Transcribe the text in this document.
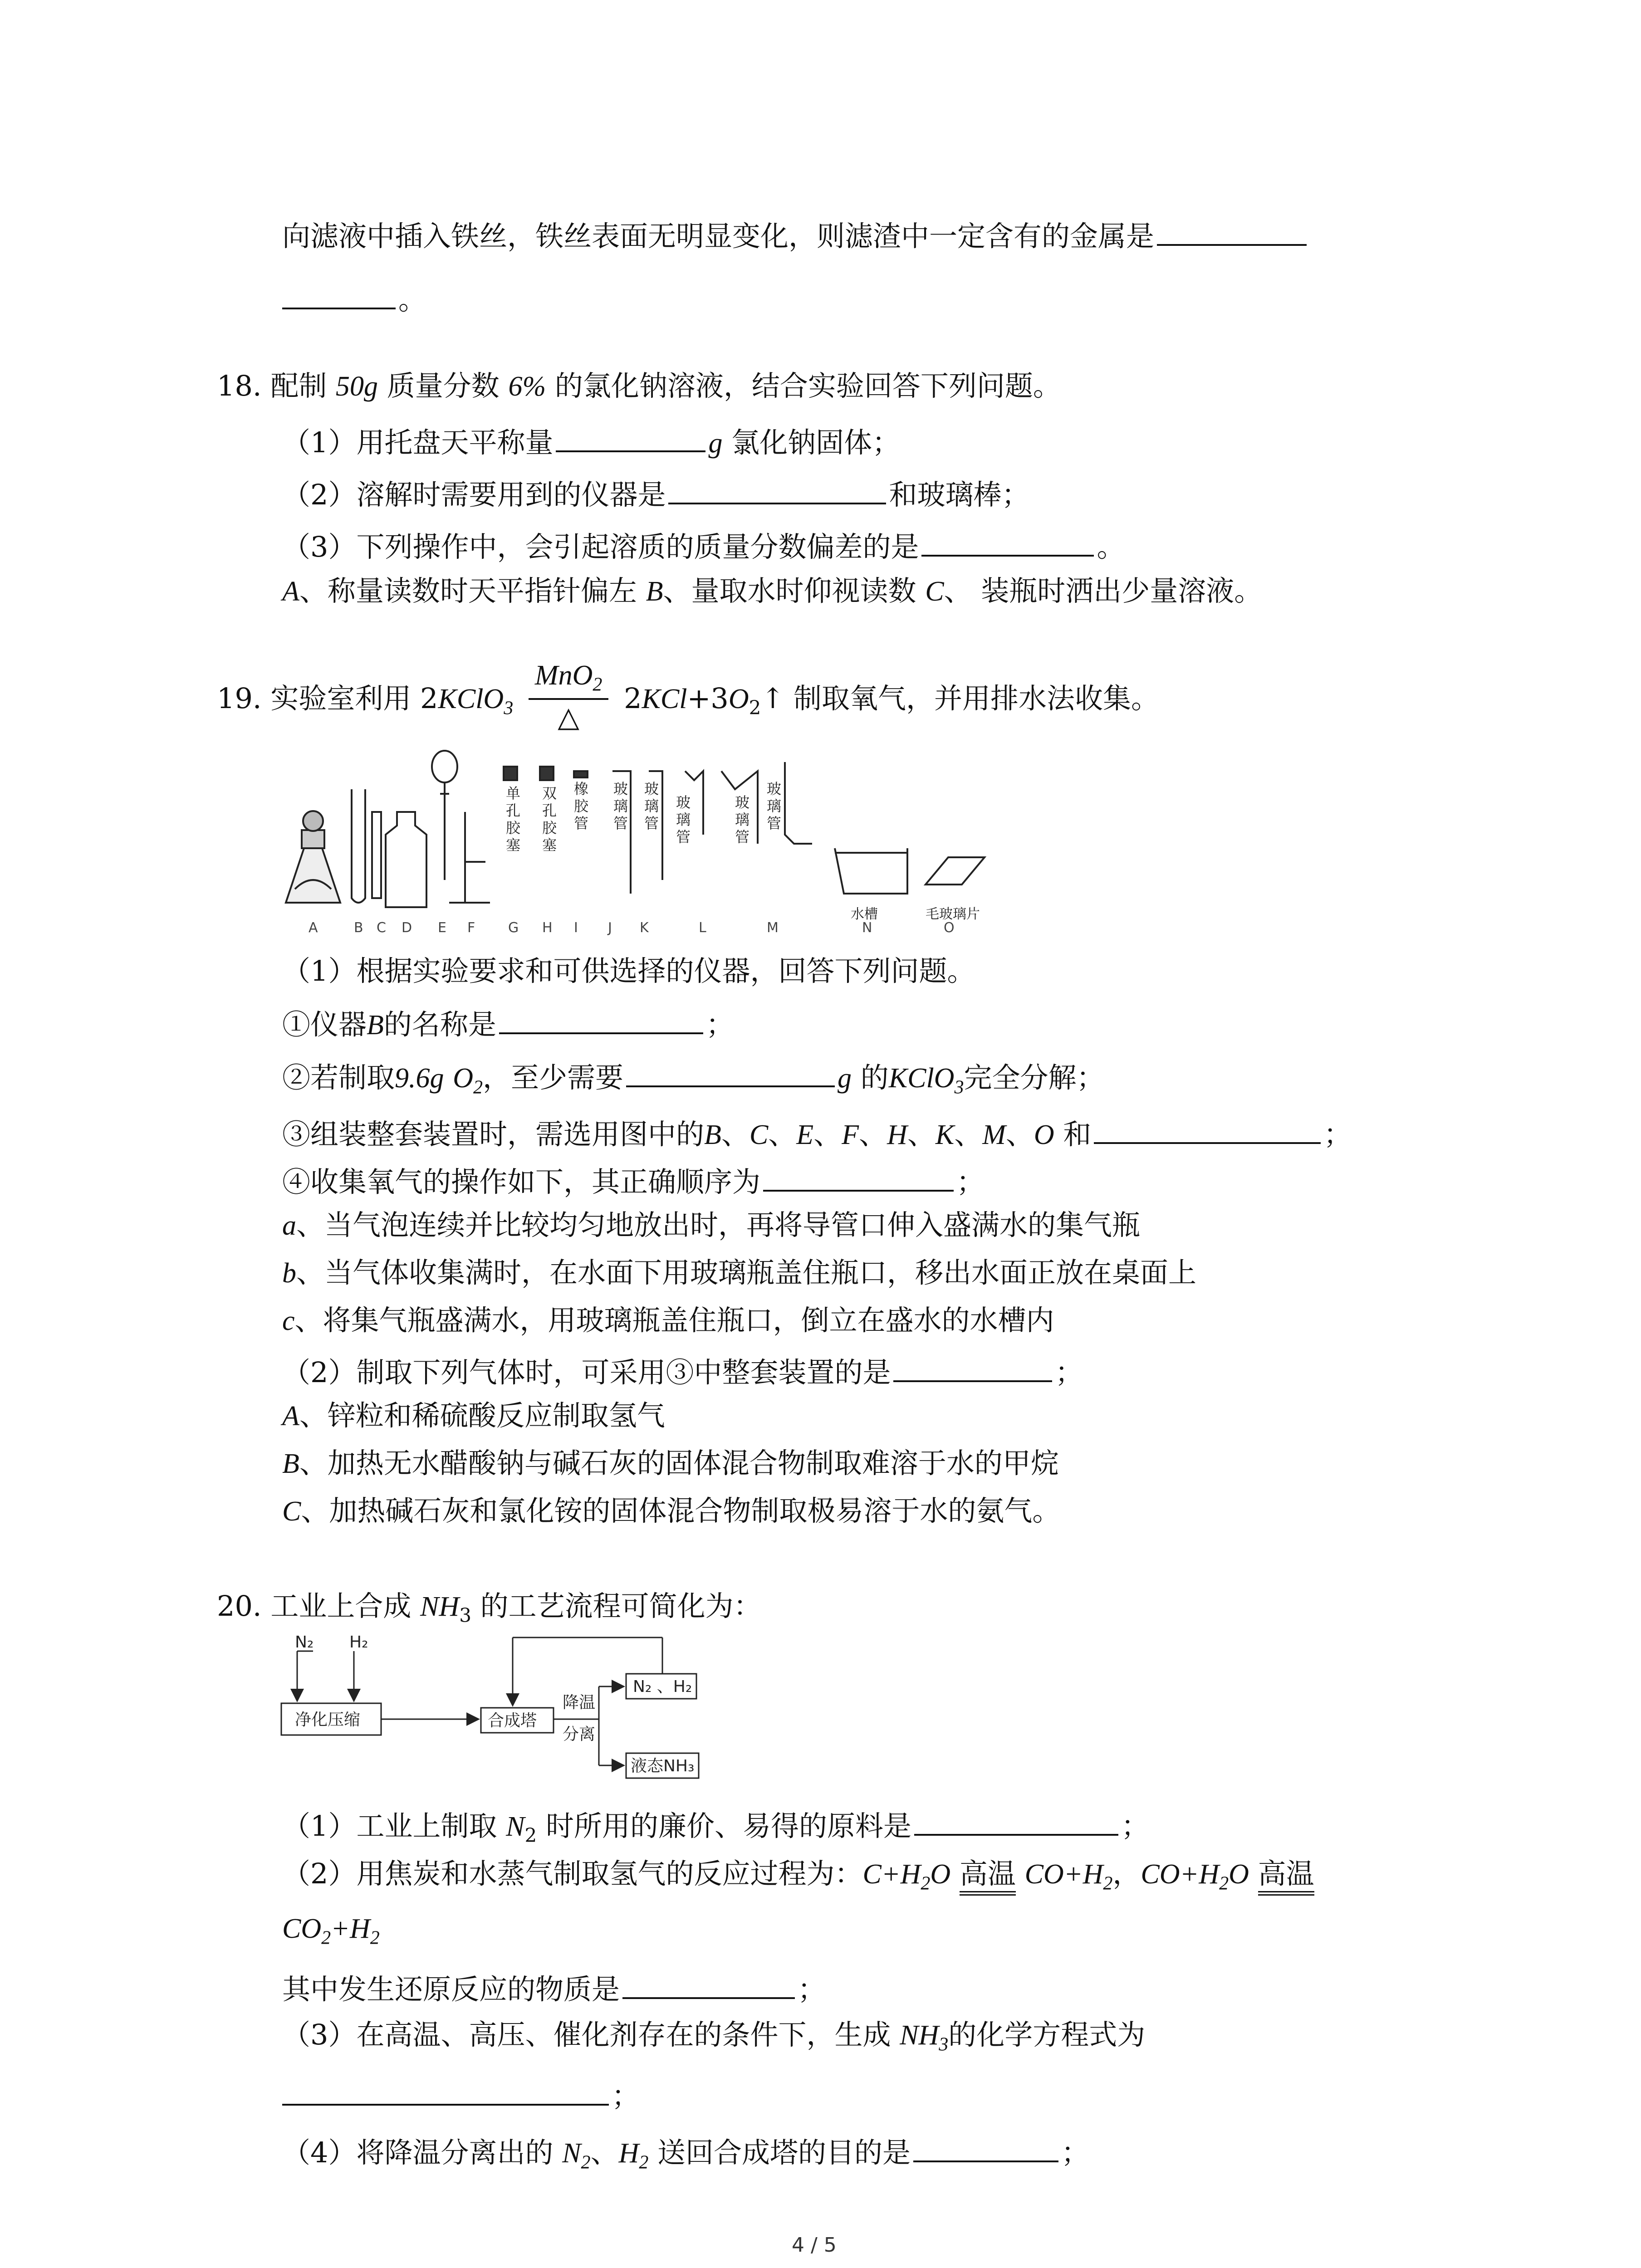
向滤液中插入铁丝，铁丝表面无明显变化，则滤渣中一定含有的金属是
。
18. 配制 50g 质量分数 6% 的氯化钠溶液，结合实验回答下列问题。
（1）用托盘天平称量	g 氯化钠固体；
（2）溶解时需要用到的仪器是	和玻璃棒；
（3）下列操作中，会引起溶质的质量分数偏差的是	。
A、称量读数时天平指针偏左 B、量取水时仰视读数 C、 装瓶时洒出少量溶液。
19. 实验室利用 2KClO$_3$ $\frac{MnO_2}{\triangle}$ $2KCl+3O_2↑$ 制取氧气，并用排水法收集。
单孔胶塞
双孔胶塞
橡胶管
玻璃管
玻璃管
玻璃管
玻璃管
玻璃管
水槽	毛玻璃片
A	B C D E F G H I J K	L	M	N	O
（1）根据实验要求和可供选择的仪器，回答下列问题。
①仪器B的名称是	；
②若制取9.6g $O_2$，至少需要	g 的KClO$_3$完全分解；
③组装整套装置时，需选用图中的B、C、E、F、H、K、M、O 和	；
④收集氧气的操作如下，其正确顺序为	；
a、当气泡连续并比较均匀地放出时，再将导管口伸入盛满水的集气瓶
b、当气体收集满时，在水面下用玻璃瓶盖住瓶口，移出水面正放在桌面上
c、将集气瓶盛满水，用玻璃瓶盖住瓶口，倒立在盛水的水槽内
（2）制取下列气体时，可采用③中整套装置的是	；
A、锌粒和稀硫酸反应制取氢气
B、加热无水醋酸钠与碱石灰的固体混合物制取难溶于水的甲烷
C、加热碱石灰和氯化铵的固体混合物制取极易溶于水的氨气。
20. 工业上合成 $NH_3$ 的工艺流程可简化为：
N₂ H₂
净化压缩	合成塔
降温
分离
N₂ 、H₂
液态NH₃
（1）工业上制取 $N_2$ 时所用的廉价、易得的原料是	；
（2）用焦炭和水蒸气制取氢气的反应过程为：$C+H_2O$ 高温 $CO+H_2$，$CO+H_2O$ 高温
$CO_2+H_2$
其中发生还原反应的物质是	；
（3）在高温、高压、催化剂存在的条件下，生成 $NH_3$的化学方程式为
；
（4）将降温分离出的 $N_2$、$H_2$ 送回合成塔的目的是	；
4 / 5
